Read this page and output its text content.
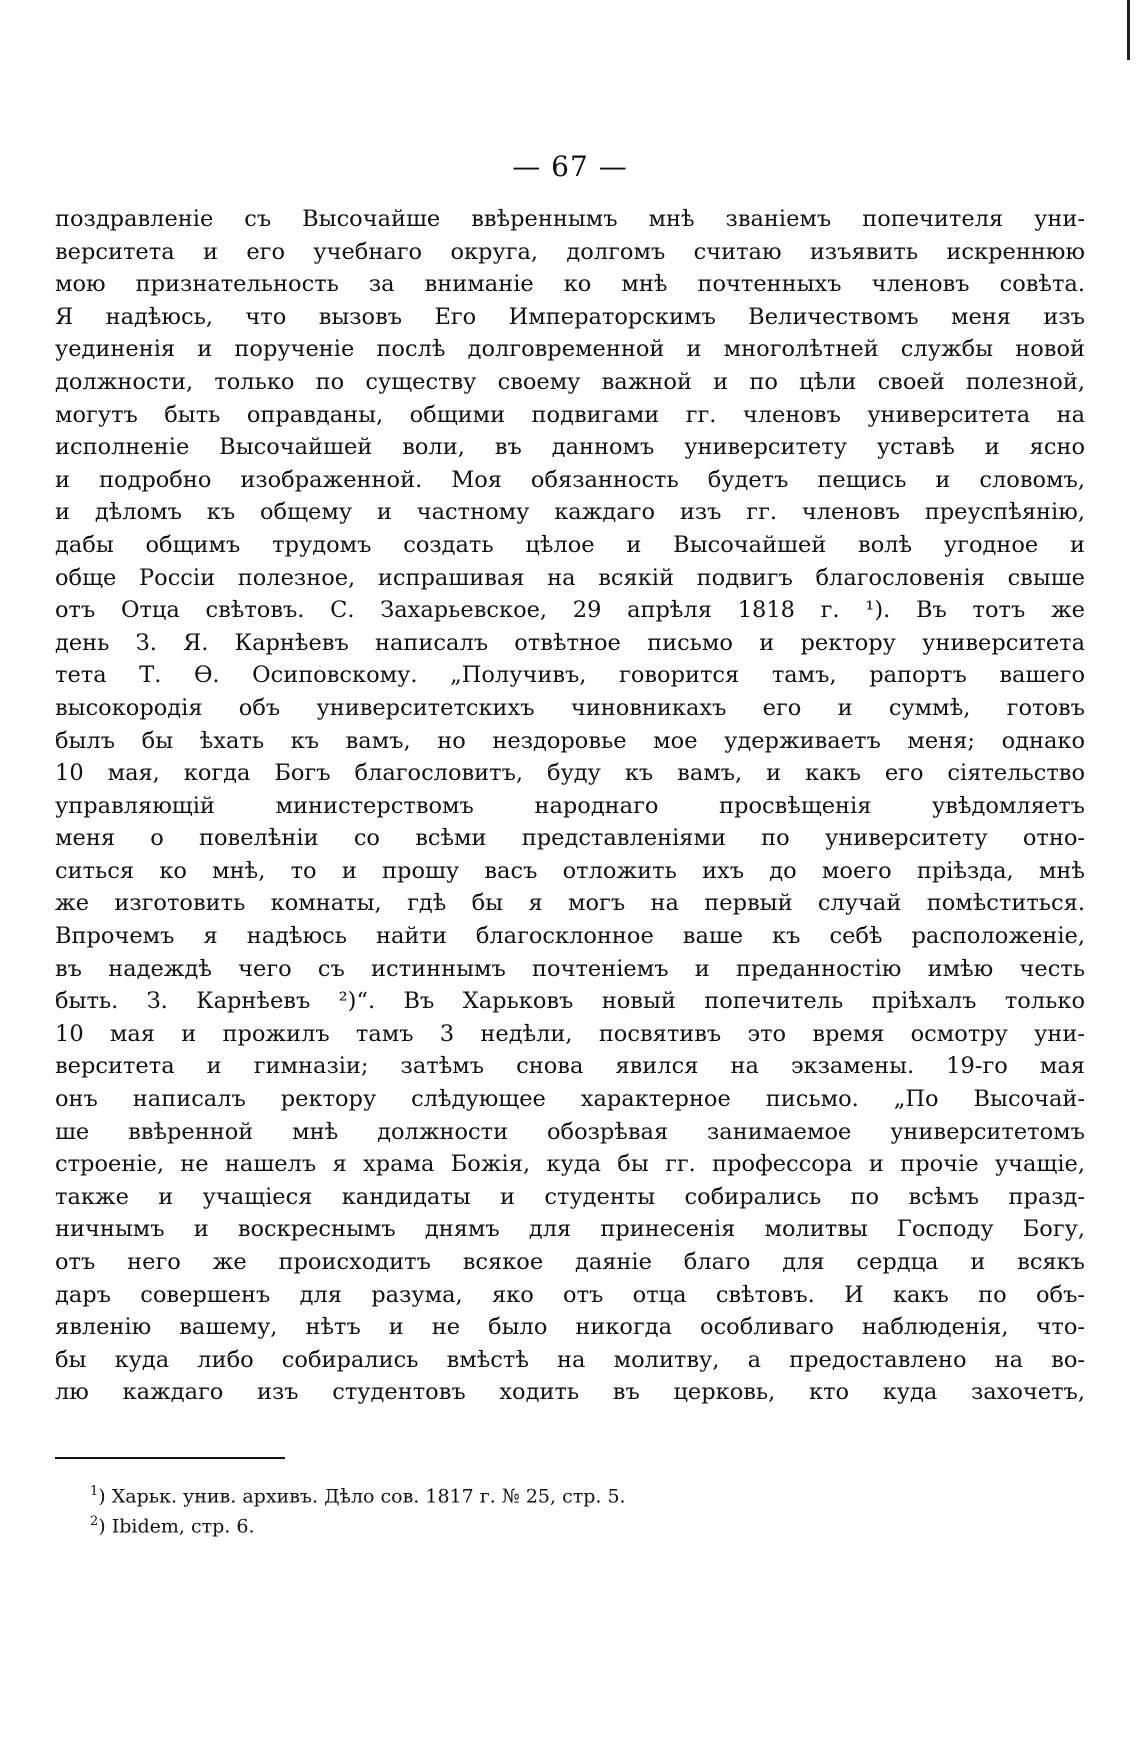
— 67 —
поздравленіе съ Высочайше ввѣреннымъ мнѣ званіемъ попечителя уни-
верситета и его учебнаго округа, долгомъ считаю изъявить искреннюю
мою признательность за вниманіе ко мнѣ почтенныхъ членовъ совѣта.
Я надѣюсь, что вызовъ Его Императорскимъ Величествомъ меня изъ
уединенія и порученіе послѣ долговременной и многолѣтней службы новой
должности, только по существу своему важной и по цѣли своей полезной,
могутъ быть оправданы, общими подвигами гг. членовъ университета на
исполненіе Высочайшей воли, въ данномъ университету уставѣ и ясно
и подробно изображенной. Моя обязанность будетъ пещись и словомъ,
и дѣломъ къ общему и частному каждаго изъ гг. членовъ преуспѣянію,
дабы общимъ трудомъ создать цѣлое и Высочайшей волѣ угодное и
обще Россіи полезное, испрашивая на всякій подвигъ благословенія свыше
отъ Отца свѣтовъ. С. Захарьевское, 29 апрѣля 1818 г. ¹). Въ тотъ же
день З. Я. Карнѣевъ написалъ отвѣтное письмо и ректору университета
тета Т. Ѳ. Осиповскому. „Получивъ, говорится тамъ, рапортъ вашего
высокородія объ университетскихъ чиновникахъ его и суммѣ, готовъ
былъ бы ѣхать къ вамъ, но нездоровье мое удерживаетъ меня; однако
10 мая, когда Богъ благословитъ, буду къ вамъ, и какъ его сіятельство
управляющій министерствомъ народнаго просвѣщенія увѣдомляетъ
меня о повелѣніи со всѣми представленіями по университету отно-
ситься ко мнѣ, то и прошу васъ отложить ихъ до моего пріѣзда, мнѣ
же изготовить комнаты, гдѣ бы я могъ на первый случай помѣститься.
Впрочемъ я надѣюсь найти благосклонное ваше къ себѣ расположеніе,
въ надеждѣ чего съ истиннымъ почтеніемъ и преданностію имѣю честь
быть. З. Карнѣевъ ²)“. Въ Харьковъ новый попечитель пріѣхалъ только
10 мая и прожилъ тамъ 3 недѣли, посвятивъ это время осмотру уни-
верситета и гимназіи; затѣмъ снова явился на экзамены. 19-го мая
онъ написалъ ректору слѣдующее характерное письмо. „По Высочай-
ше ввѣренной мнѣ должности обозрѣвая занимаемое университетомъ
строеніе, не нашелъ я храма Божія, куда бы гг. профессора и прочіе учащіе,
также и учащіеся кандидаты и студенты собирались по всѣмъ празд-
ничнымъ и воскреснымъ днямъ для принесенія молитвы Господу Богу,
отъ него же происходитъ всякое даяніе благо для сердца и всякъ
даръ совершенъ для разума, яко отъ отца свѣтовъ. И какъ по объ-
явленію вашему, нѣтъ и не было никогда особливаго наблюденія, что-
бы куда либо собирались вмѣстѣ на молитву, а предоставлено на во-
лю каждаго изъ студентовъ ходить въ церковь, кто куда захочетъ,
$^1$) Харьк. унив. архивъ. Дѣло сов. 1817 г. № 25, стр. 5.
$^2$) Ibidem, стр. 6.
